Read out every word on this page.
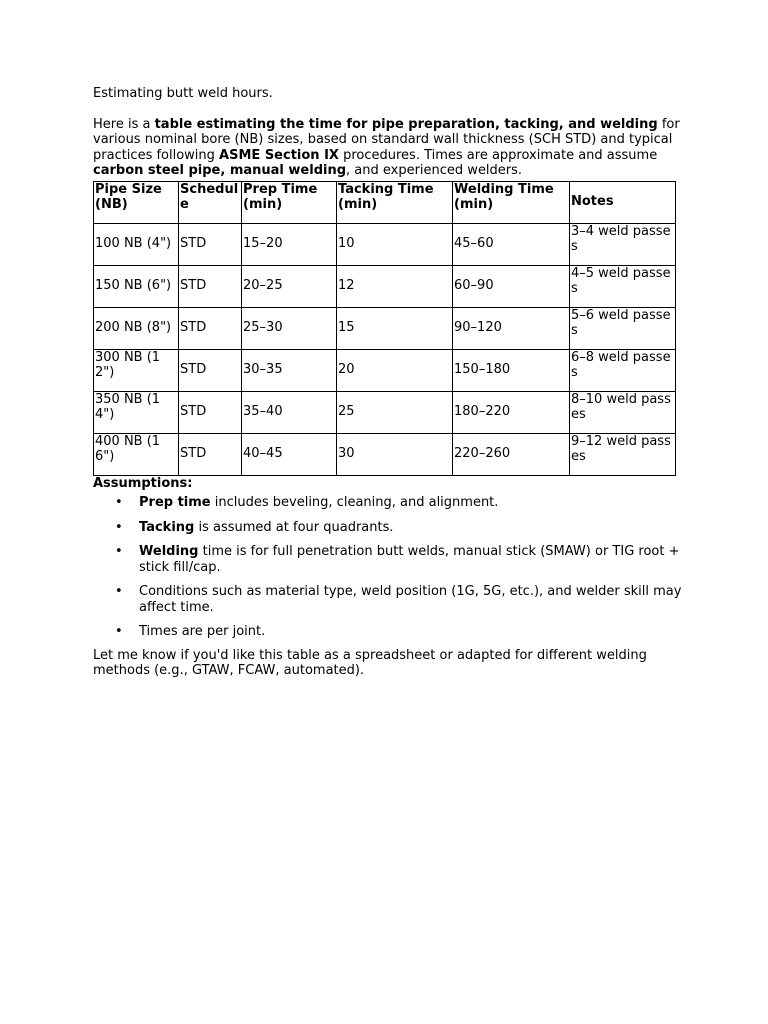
Estimating butt weld hours.

Here is a table estimating the time for pipe preparation, tacking, and welding for various nominal bore (NB) sizes, based on standard wall thickness (SCH STD) and typical practices following ASME Section IX procedures. Times are approximate and assume carbon steel pipe, manual welding, and experienced welders.

Pipe Size (NB)	Schedule	Prep Time (min)	Tacking Time (min)	Welding Time (min)	Notes
100 NB (4")	STD	15–20	10	45–60	3–4 weld passes
150 NB (6")	STD	20–25	12	60–90	4–5 weld passes
200 NB (8")	STD	25–30	15	90–120	5–6 weld passes
300 NB (12")	STD	30–35	20	150–180	6–8 weld passes
350 NB (14")	STD	35–40	25	180–220	8–10 weld passes
400 NB (16")	STD	40–45	30	220–260	9–12 weld passes

Assumptions:

• Prep time includes beveling, cleaning, and alignment.
• Tacking is assumed at four quadrants.
• Welding time is for full penetration butt welds, manual stick (SMAW) or TIG root + stick fill/cap.
• Conditions such as material type, weld position (1G, 5G, etc.), and welder skill may affect time.
• Times are per joint.

Let me know if you'd like this table as a spreadsheet or adapted for different welding methods (e.g., GTAW, FCAW, automated).
